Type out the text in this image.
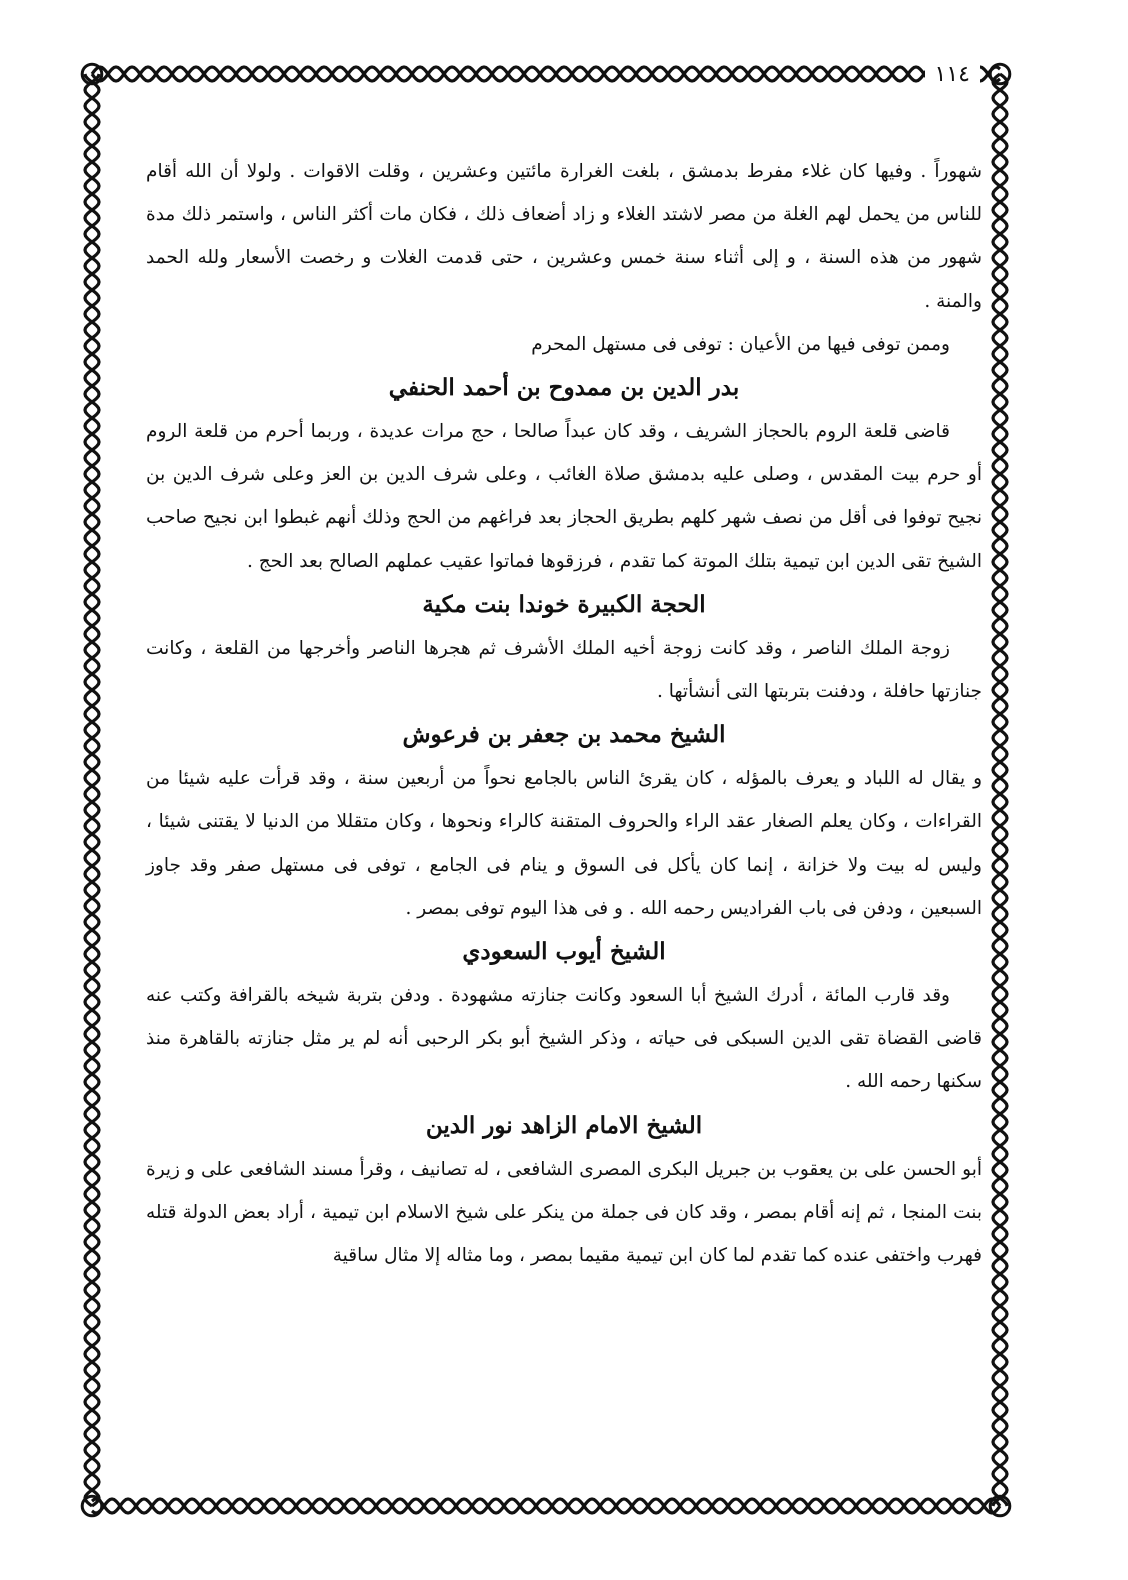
١١٤

شهوراً . وفيها كان غلاء مفرط بدمشق ، بلغت الغرارة مائتين وعشرين ، وقلت الاقوات . ولولا أن الله أقام للناس من يحمل لهم الغلة من مصر لاشتد الغلاء و زاد أضعاف ذلك ، فكان مات أكثر الناس ، واستمر ذلك مدة شهور من هذه السنة ، و إلى أثناء سنة خمس وعشرين ، حتى قدمت الغلات و رخصت الأسعار ولله الحمد والمنة .

وممن توفى فيها من الأعيان : توفى فى مستهل المحرم

بدر الدين بن ممدوح بن أحمد الحنفي

قاضى قلعة الروم بالحجاز الشريف ، وقد كان عبداً صالحا ، حج مرات عديدة ، وربما أحرم من قلعة الروم أو حرم بيت المقدس ، وصلى عليه بدمشق صلاة الغائب ، وعلى شرف الدين بن العز وعلى شرف الدين بن نجيح توفوا فى أقل من نصف شهر كلهم بطريق الحجاز بعد فراغهم من الحج وذلك أنهم غبطوا ابن نجيح صاحب الشيخ تقى الدين ابن تيمية بتلك الموتة كما تقدم ، فرزقوها فماتوا عقيب عملهم الصالح بعد الحج .

الحجة الكبيرة خوندا بنت مكية

زوجة الملك الناصر ، وقد كانت زوجة أخيه الملك الأشرف ثم هجرها الناصر وأخرجها من القلعة ، وكانت جنازتها حافلة ، ودفنت بتربتها التى أنشأتها .

الشيخ محمد بن جعفر بن فرعوش

و يقال له اللباد و يعرف بالمؤله ، كان يقرئ الناس بالجامع نحواً من أربعين سنة ، وقد قرأت عليه شيئا من القراءات ، وكان يعلم الصغار عقد الراء والحروف المتقنة كالراء ونحوها ، وكان متقللا من الدنيا لا يقتنى شيئا ، وليس له بيت ولا خزانة ، إنما كان يأكل فى السوق و ينام فى الجامع ، توفى فى مستهل صفر وقد جاوز السبعين ، ودفن فى باب الفراديس رحمه الله . و فى هذا اليوم توفى بمصر .

الشيخ أيوب السعودي

وقد قارب المائة ، أدرك الشيخ أبا السعود وكانت جنازته مشهودة . ودفن بتربة شيخه بالقرافة وكتب عنه قاضى القضاة تقى الدين السبكى فى حياته ، وذكر الشيخ أبو بكر الرحبى أنه لم ير مثل جنازته بالقاهرة منذ سكنها رحمه الله .

الشيخ الامام الزاهد نور الدين

أبو الحسن على بن يعقوب بن جبريل البكرى المصرى الشافعى ، له تصانيف ، وقرأ مسند الشافعى على و زيرة بنت المنجا ، ثم إنه أقام بمصر ، وقد كان فى جملة من ينكر على شيخ الاسلام ابن تيمية ، أراد بعض الدولة قتله فهرب واختفى عنده كما تقدم لما كان ابن تيمية مقيما بمصر ، وما مثاله إلا مثال ساقية
